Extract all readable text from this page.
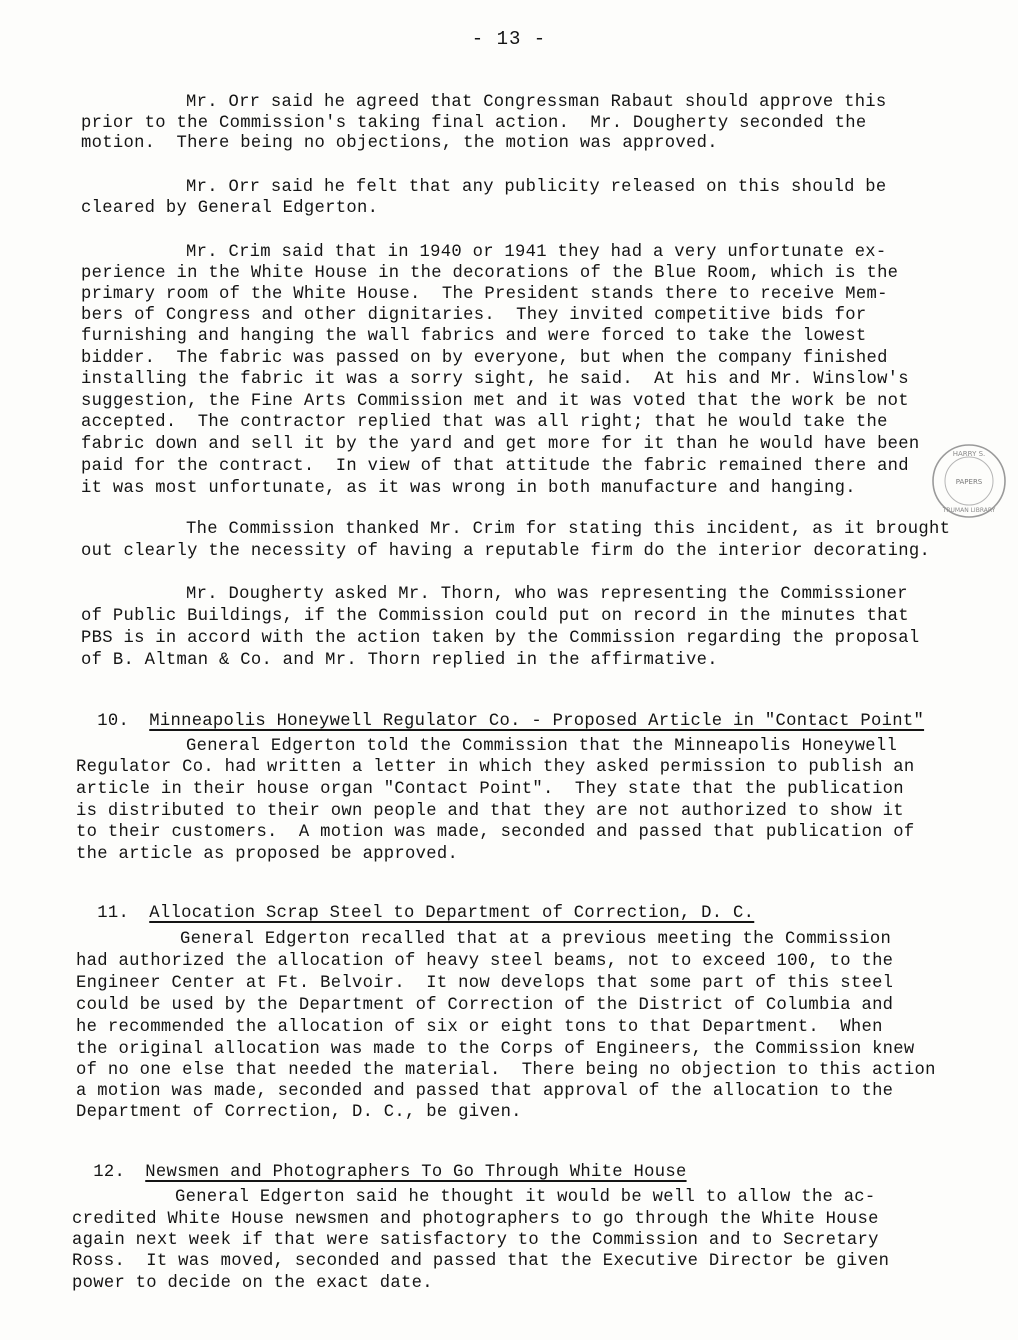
- 13 -
Mr. Orr said he agreed that Congressman Rabaut should approve this
prior to the Commission's taking final action.  Mr. Dougherty seconded the
motion.  There being no objections, the motion was approved.
Mr. Orr said he felt that any publicity released on this should be
cleared by General Edgerton.
Mr. Crim said that in 1940 or 1941 they had a very unfortunate ex-
perience in the White House in the decorations of the Blue Room, which is the
primary room of the White House.  The President stands there to receive Mem-
bers of Congress and other dignitaries.  They invited competitive bids for
furnishing and hanging the wall fabrics and were forced to take the lowest
bidder.  The fabric was passed on by everyone, but when the company finished
installing the fabric it was a sorry sight, he said.  At his and Mr. Winslow's
suggestion, the Fine Arts Commission met and it was voted that the work be not
accepted.  The contractor replied that was all right; that he would take the
fabric down and sell it by the yard and get more for it than he would have been
paid for the contract.  In view of that attitude the fabric remained there and
it was most unfortunate, as it was wrong in both manufacture and hanging.
The Commission thanked Mr. Crim for stating this incident, as it brought
out clearly the necessity of having a reputable firm do the interior decorating.
Mr. Dougherty asked Mr. Thorn, who was representing the Commissioner
of Public Buildings, if the Commission could put on record in the minutes that
PBS is in accord with the action taken by the Commission regarding the proposal
of B. Altman & Co. and Mr. Thorn replied in the affirmative.

10. Minneapolis Honeywell Regulator Co. - Proposed Article in "Contact Point"

General Edgerton told the Commission that the Minneapolis Honeywell
Regulator Co. had written a letter in which they asked permission to publish an
article in their house organ "Contact Point".  They state that the publication
is distributed to their own people and that they are not authorized to show it
to their customers.  A motion was made, seconded and passed that publication of
the article as proposed be approved.

11. Allocation Scrap Steel to Department of Correction, D. C.

General Edgerton recalled that at a previous meeting the Commission
had authorized the allocation of heavy steel beams, not to exceed 100, to the
Engineer Center at Ft. Belvoir.  It now develops that some part of this steel
could be used by the Department of Correction of the District of Columbia and
he recommended the allocation of six or eight tons to that Department.  When
the original allocation was made to the Corps of Engineers, the Commission knew
of no one else that needed the material.  There being no objection to this action
a motion was made, seconded and passed that approval of the allocation to the
Department of Correction, D. C., be given.

12. Newsmen and Photographers To Go Through White House

General Edgerton said he thought it would be well to allow the ac-
credited White House newsmen and photographers to go through the White House
again next week if that were satisfactory to the Commission and to Secretary
Ross.  It was moved, seconded and passed that the Executive Director be given
power to decide on the exact date.
HARRY S.
TRUMAN LIBRARY
PAPERS
